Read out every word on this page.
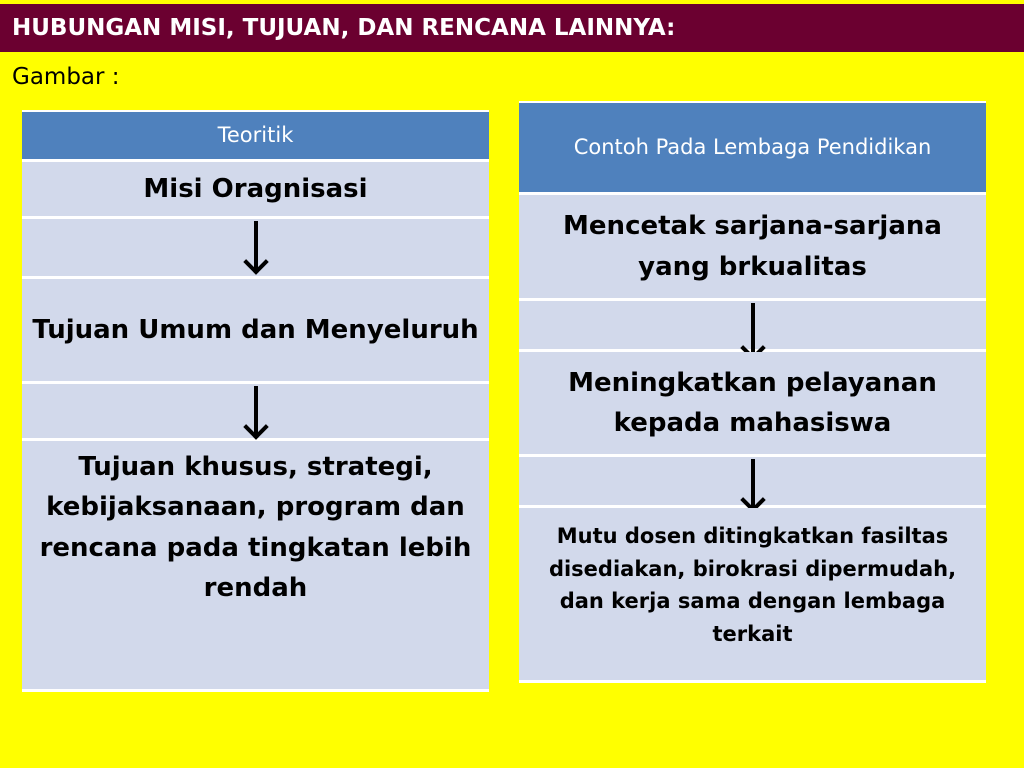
HUBUNGAN MISI, TUJUAN, DAN RENCANA LAINNYA:
Gambar :
Teoritik
Misi Oragnisasi
Tujuan Umum dan Menyeluruh
Tujuan khusus, strategi, kebijaksanaan, program dan rencana pada tingkatan lebih rendah
Contoh Pada Lembaga Pendidikan
Mencetak sarjana-sarjana yang brkualitas
Meningkatkan pelayanan kepada mahasiswa
Mutu dosen ditingkatkan fasiltas disediakan, birokrasi dipermudah, dan kerja sama dengan lembaga terkait
